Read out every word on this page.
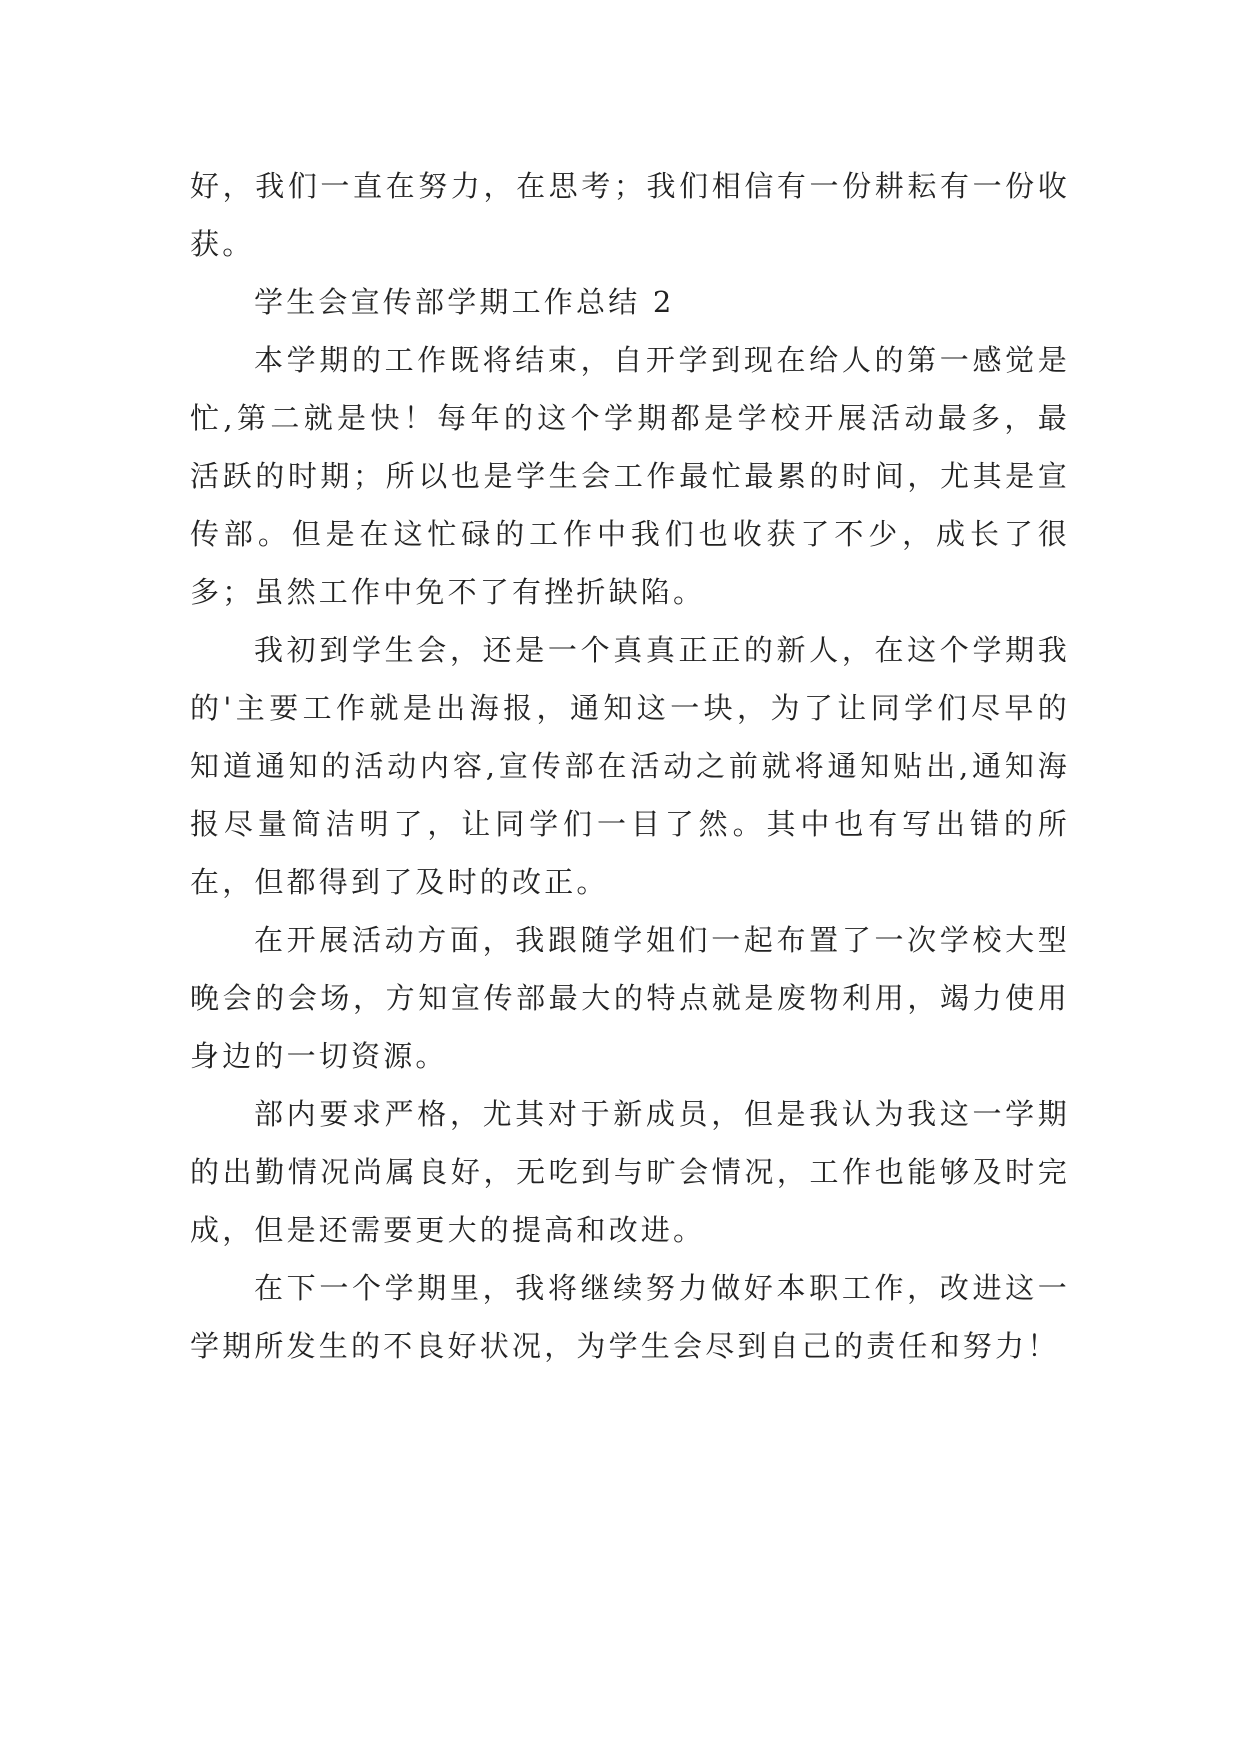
好，我们一直在努力，在思考；我们相信有一份耕耘有一份收获。

学生会宣传部学期工作总结 2

本学期的工作既将结束，自开学到现在给人的第一感觉是忙,第二就是快！每年的这个学期都是学校开展活动最多，最活跃的时期；所以也是学生会工作最忙最累的时间，尤其是宣传部。但是在这忙碌的工作中我们也收获了不少，成长了很多；虽然工作中免不了有挫折缺陷。

我初到学生会，还是一个真真正正的新人，在这个学期我的'主要工作就是出海报，通知这一块，为了让同学们尽早的知道通知的活动内容,宣传部在活动之前就将通知贴出,通知海报尽量简洁明了，让同学们一目了然。其中也有写出错的所在，但都得到了及时的改正。

在开展活动方面，我跟随学姐们一起布置了一次学校大型晚会的会场，方知宣传部最大的特点就是废物利用，竭力使用身边的一切资源。

部内要求严格，尤其对于新成员，但是我认为我这一学期的出勤情况尚属良好，无吃到与旷会情况，工作也能够及时完成，但是还需要更大的提高和改进。

在下一个学期里，我将继续努力做好本职工作，改进这一学期所发生的不良好状况，为学生会尽到自己的责任和努力！
